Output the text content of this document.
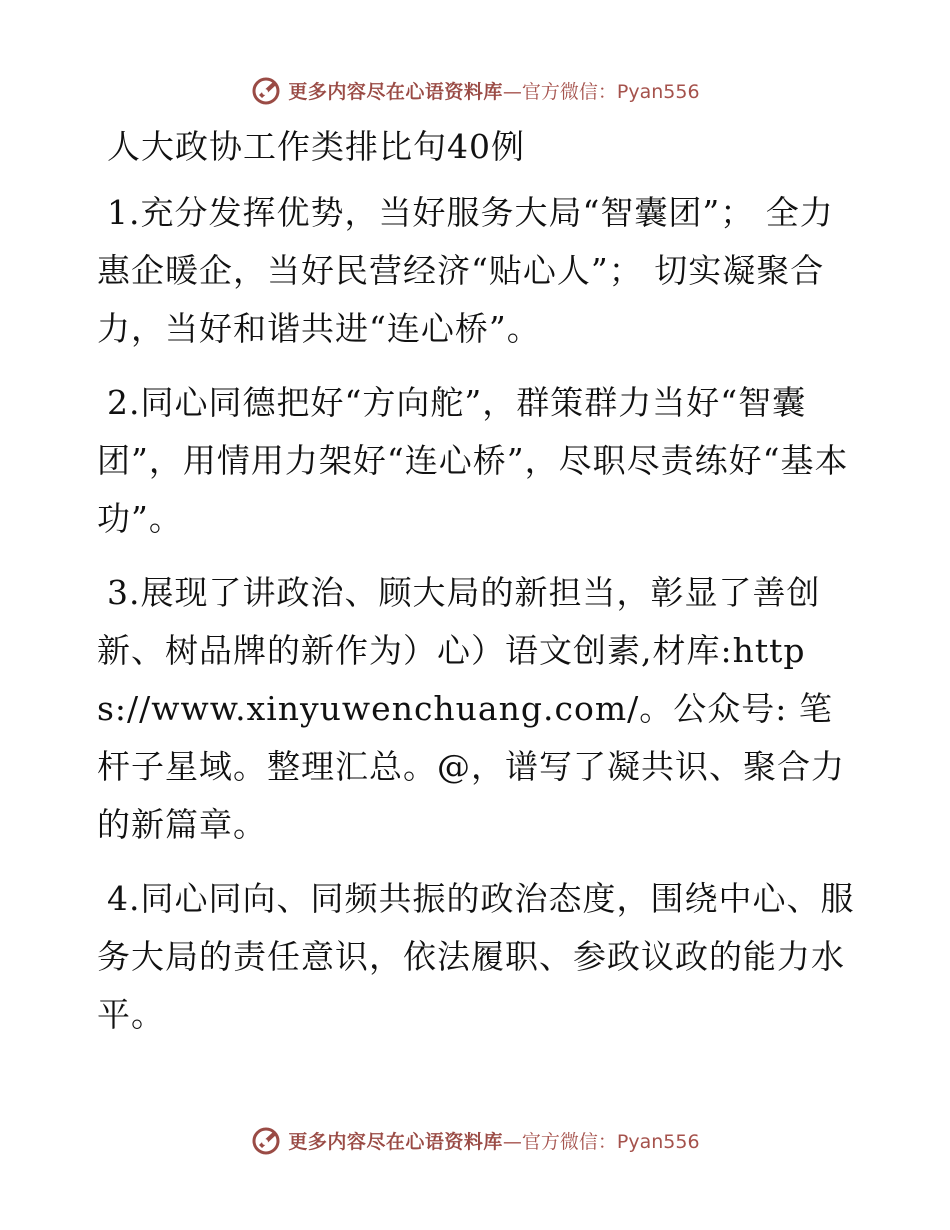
更多内容尽在心语资料库 —官方微信：Pyan556
人大政协工作类排比句40例

1.充分发挥优势，当好服务大局“智囊团”； 全力惠企暖企，当好民营经济“贴心人”； 切实凝聚合力，当好和谐共进“连心桥”。

2.同心同德把好“方向舵”，群策群力当好“智囊团”，用情用力架好“连心桥”，尽职尽责练好“基本功”。

3.展现了讲政治、顾大局的新担当，彰显了善创新、树品牌的新作为）心）语文创素,材库:https://www.xinyuwenchuang.com/。公众号: 笔杆子星域。整理汇总。@，谱写了凝共识、聚合力的新篇章。

4.同心同向、同频共振的政治态度，围绕中心、服务大局的责任意识，依法履职、参政议政的能力水平。

更多内容尽在心语资料库 —官方微信：Pyan556
